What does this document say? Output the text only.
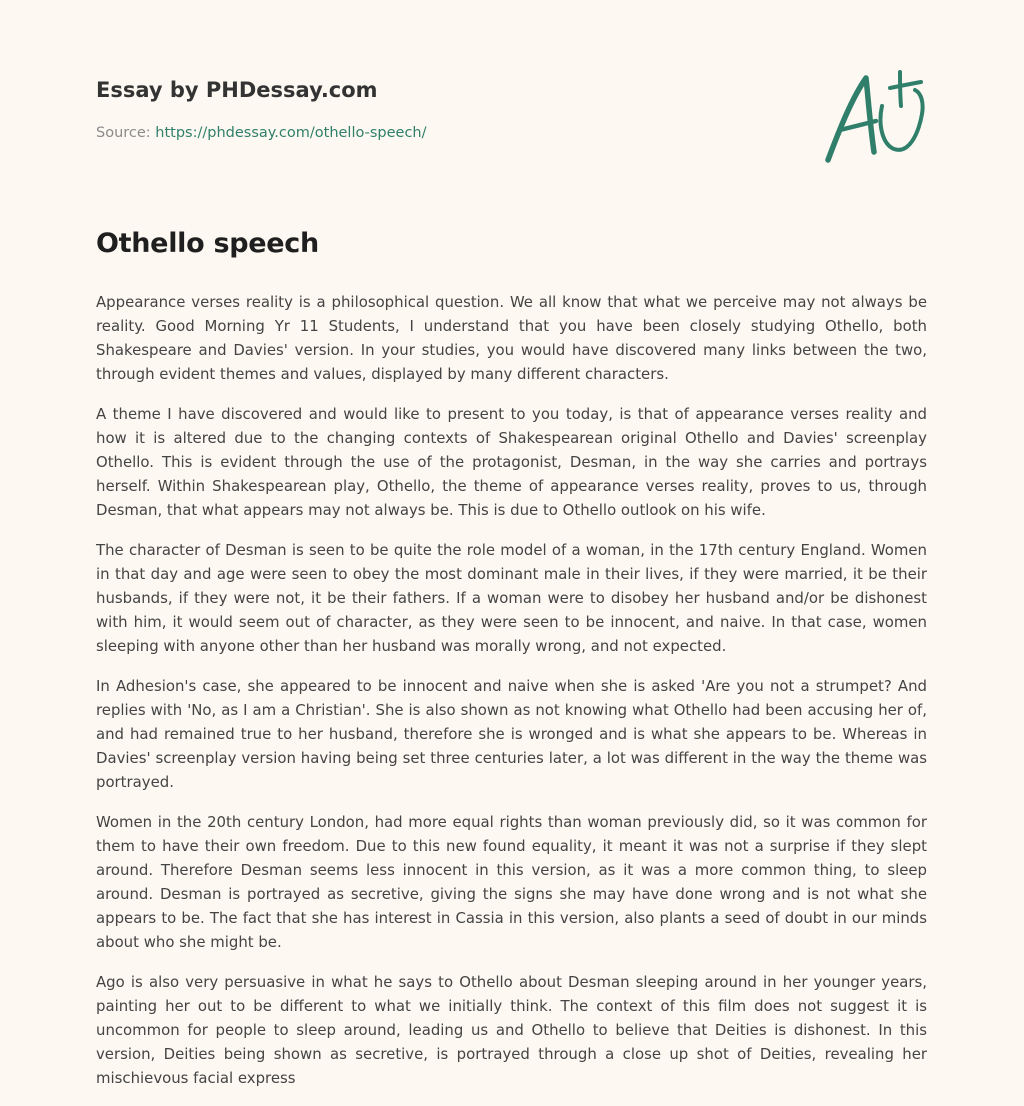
Essay by PHDessay.com
Source: https://phdessay.com/othello-speech/
Othello speech

Appearance verses reality is a philosophical question. We all know that what we perceive may not always be reality. Good Morning Yr 11 Students, I understand that you have been closely studying Othello, both Shakespeare and Davies' version. In your studies, you would have discovered many links between the two, through evident themes and values, displayed by many different characters.

A theme I have discovered and would like to present to you today, is that of appearance verses reality and how it is altered due to the changing contexts of Shakespearean original Othello and Davies' screenplay Othello. This is evident through the use of the protagonist, Desman, in the way she carries and portrays herself. Within Shakespearean play, Othello, the theme of appearance verses reality, proves to us, through Desman, that what appears may not always be. This is due to Othello outlook on his wife.

The character of Desman is seen to be quite the role model of a woman, in the 17th century England. Women in that day and age were seen to obey the most dominant male in their lives, if they were married, it be their husbands, if they were not, it be their fathers. If a woman were to disobey her husband and/or be dishonest with him, it would seem out of character, as they were seen to be innocent, and naive. In that case, women sleeping with anyone other than her husband was morally wrong, and not expected.

In Adhesion's case, she appeared to be innocent and naive when she is asked 'Are you not a strumpet? And replies with 'No, as I am a Christian'. She is also shown as not knowing what Othello had been accusing her of, and had remained true to her husband, therefore she is wronged and is what she appears to be. Whereas in Davies' screenplay version having being set three centuries later, a lot was different in the way the theme was portrayed.

Women in the 20th century London, had more equal rights than woman previously did, so it was common for them to have their own freedom. Due to this new found equality, it meant it was not a surprise if they slept around. Therefore Desman seems less innocent in this version, as it was a more common thing, to sleep around. Desman is portrayed as secretive, giving the signs she may have done wrong and is not what she appears to be. The fact that she has interest in Cassia in this version, also plants a seed of doubt in our minds about who she might be.

Ago is also very persuasive in what he says to Othello about Desman sleeping around in her younger years, painting her out to be different to what we initially think. The context of this film does not suggest it is uncommon for people to sleep around, leading us and Othello to believe that Deities is dishonest. In this version, Deities being shown as secretive, is portrayed through a close up shot of Deities, revealing her mischievous facial express
